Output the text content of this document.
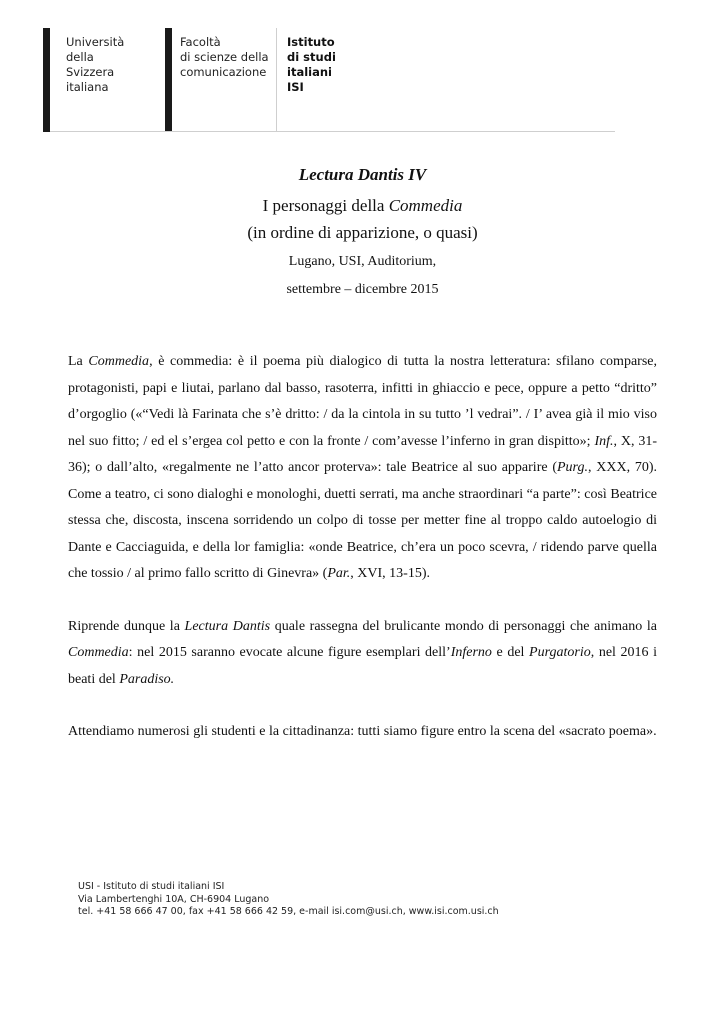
Università
della
Svizzera
italiana
Facoltà
di scienze della
comunicazione
Istituto
di studi
italiani
ISI
Lectura Dantis IV
I personaggi della Commedia
(in ordine di apparizione, o quasi)
Lugano, USI, Auditorium,
settembre – dicembre 2015

La Commedia, è commedia: è il poema più dialogico di tutta la nostra letteratura: sfilano comparse, protagonisti, papi e liutai, parlano dal basso, rasoterra, infitti in ghiaccio e pece, oppure a petto “dritto” d’orgoglio («“Vedi là Farinata che s’è dritto: / da la cintola in su tutto ’l vedrai”. / I’ avea già il mio viso nel suo fitto; / ed el s’ergea col petto e con la fronte / com’avesse l’inferno in gran dispitto»; Inf., X, 31-36); o dall’alto, «regalmente ne l’atto ancor proterva»: tale Beatrice al suo apparire (Purg., XXX, 70). Come a teatro, ci sono dialoghi e monologhi, duetti serrati, ma anche straordinari “a parte”: così Beatrice stessa che, discosta, inscena sorridendo un colpo di tosse per metter fine al troppo caldo autoelogio di Dante e Cacciaguida, e della lor famiglia: «onde Beatrice, ch’era un poco scevra, / ridendo parve quella che tossio / al primo fallo scritto di Ginevra» (Par., XVI, 13-15).

Riprende dunque la Lectura Dantis quale rassegna del brulicante mondo di personaggi che animano la Commedia: nel 2015 saranno evocate alcune figure esemplari dell’Inferno e del Purgatorio, nel 2016 i beati del Paradiso.

Attendiamo numerosi gli studenti e la cittadinanza: tutti siamo figure entro la scena del «sacrato poema».

USI - Istituto di studi italiani ISI
Via Lambertenghi 10A, CH-6904 Lugano
tel. +41 58 666 47 00, fax +41 58 666 42 59, e-mail isi.com@usi.ch, www.isi.com.usi.ch
